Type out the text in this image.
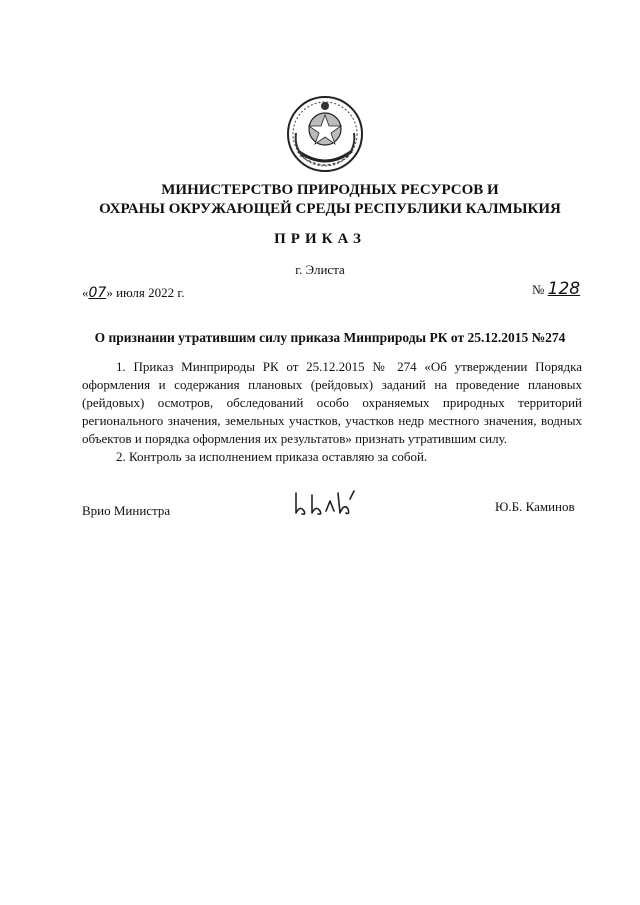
МИНИСТЕРСТВО ПРИРОДНЫХ РЕСУРСОВ И
ОХРАНЫ ОКРУЖАЮЩЕЙ СРЕДЫ РЕСПУБЛИКИ КАЛМЫКИЯ
ПРИКАЗ
г. Элиста
«07» июля 2022 г.	№ 128
О признании утратившим силу приказа Минприроды РК от 25.12.2015 №274

1. Приказ Минприроды РК от 25.12.2015 № 274 «Об утверждении Порядка оформления и содержания плановых (рейдовых) заданий на проведение плановых (рейдовых) осмотров, обследований особо охраняемых природных территорий регионального значения, земельных участков, участков недр местного значения, водных объектов и порядка оформления их результатов» признать утратившим силу.

2. Контроль за исполнением приказа оставляю за собой.

Врио Министра	Ю.Б. Каминов
